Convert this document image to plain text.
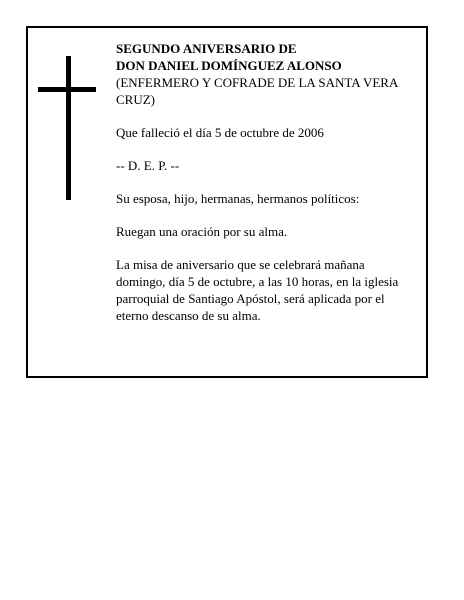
SEGUNDO ANIVERSARIO DE
DON DANIEL DOMÍNGUEZ ALONSO
(ENFERMERO Y COFRADE DE LA SANTA VERA CRUZ)

Que falleció el día 5 de octubre de 2006

-- D. E. P. --

Su esposa, hijo, hermanas, hermanos políticos:

Ruegan una oración por su alma.

La misa de aniversario que se celebrará mañana domingo, día 5 de octubre, a las 10 horas, en la iglesia parroquial de Santiago Apóstol, será aplicada por el eterno descanso de su alma.
